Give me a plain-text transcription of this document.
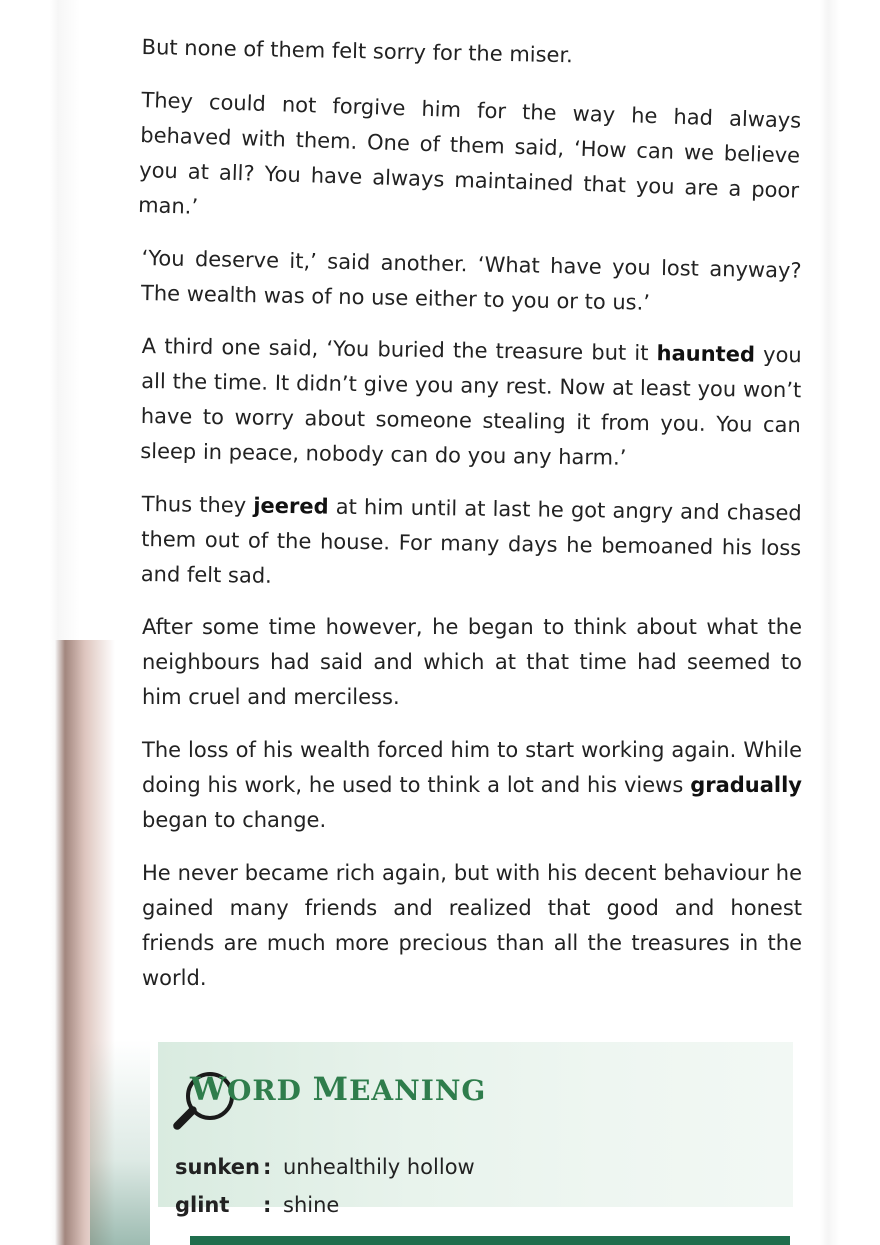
But none of them felt sorry for the miser.

They could not forgive him for the way he had always behaved with them. One of them said, ‘How can we believe you at all? You have always maintained that you are a poor man.’

‘You deserve it,’ said another. ‘What have you lost anyway? The wealth was of no use either to you or to us.’

A third one said, ‘You buried the treasure but it haunted you all the time. It didn’t give you any rest. Now at least you won’t have to worry about someone stealing it from you. You can sleep in peace, nobody can do you any harm.’

Thus they jeered at him until at last he got angry and chased them out of the house. For many days he bemoaned his loss and felt sad.

After some time however, he began to think about what the neighbours had said and which at that time had seemed to him cruel and merciless.

The loss of his wealth forced him to start working again. While doing his work, he used to think a lot and his views gradually began to change.

He never became rich again, but with his decent behaviour he gained many friends and realized that good and honest friends are much more precious than all the treasures in the world.

WORD MEANING
sunken : unhealthily hollow
glint	: shine
